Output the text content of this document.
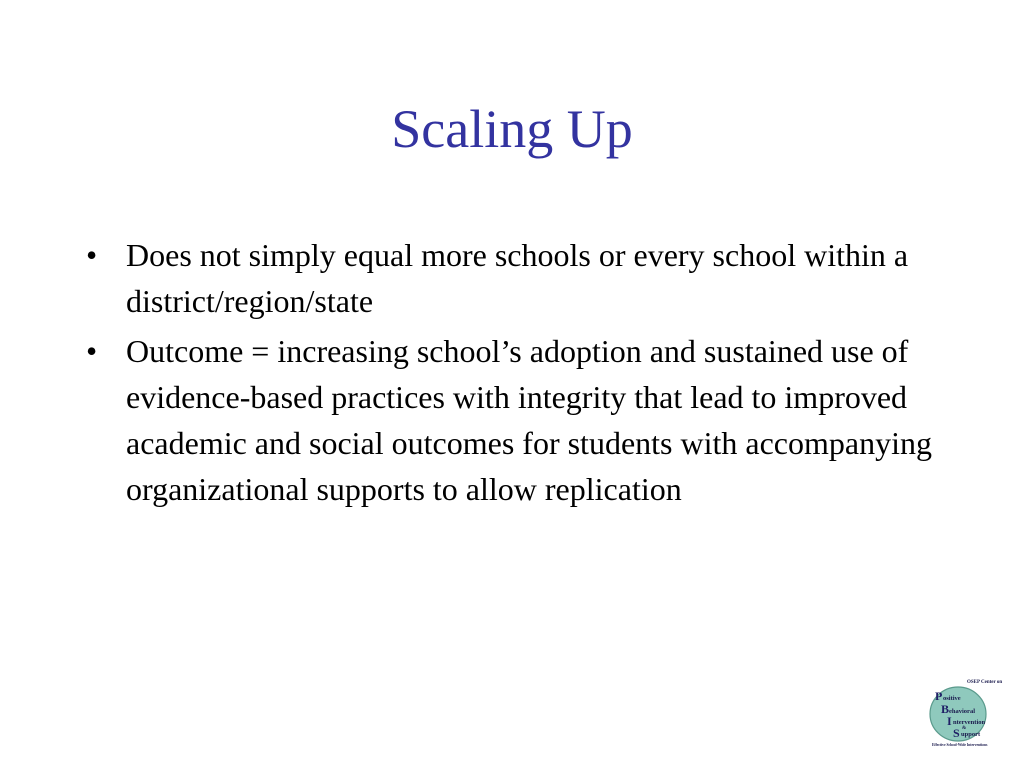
Scaling Up
• Does not simply equal more schools or every school within a district/region/state
• Outcome = increasing school’s adoption and sustained use of evidence-based practices with integrity that lead to improved academic and social outcomes for students with accompanying organizational supports to allow replication
OSEP Center on
P ositive
B ehavioral
I ntervention
&
S upport
Effective School-Wide Interventions
